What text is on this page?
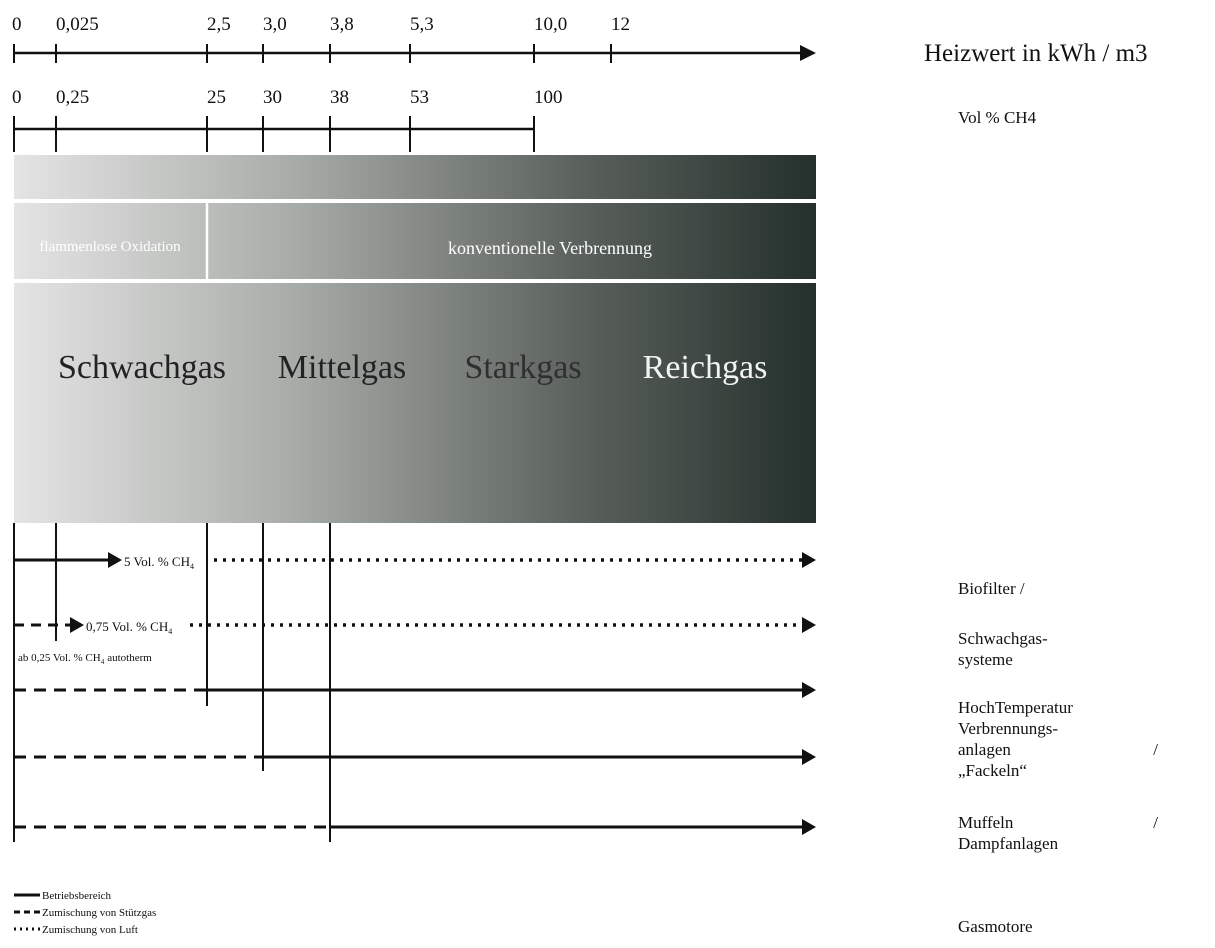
0 0,025	2,5 3,0 3,8	5,3	10,0 12
0 0,25	25 30	38	53	100
flammenlose Oxidation	konventionelle Verbrennung
Schwachgas Mittelgas Starkgas Reichgas
5 Vol. % $CH_4$
0,75 Vol. % $CH_4$
ab 0,25 Vol. % $CH_4$ autotherm
Betriebsbereich
Zumischung von Stützgas
Zumischung von Luft
Heizwert in kWh / m3
Vol % CH4
Biofilter /
Schwachgas-
systeme
HochTemperatur
Verbrennungs-
anlagen	/
„Fackeln“
Muffeln	/
Dampfanlagen
Gasmotore
